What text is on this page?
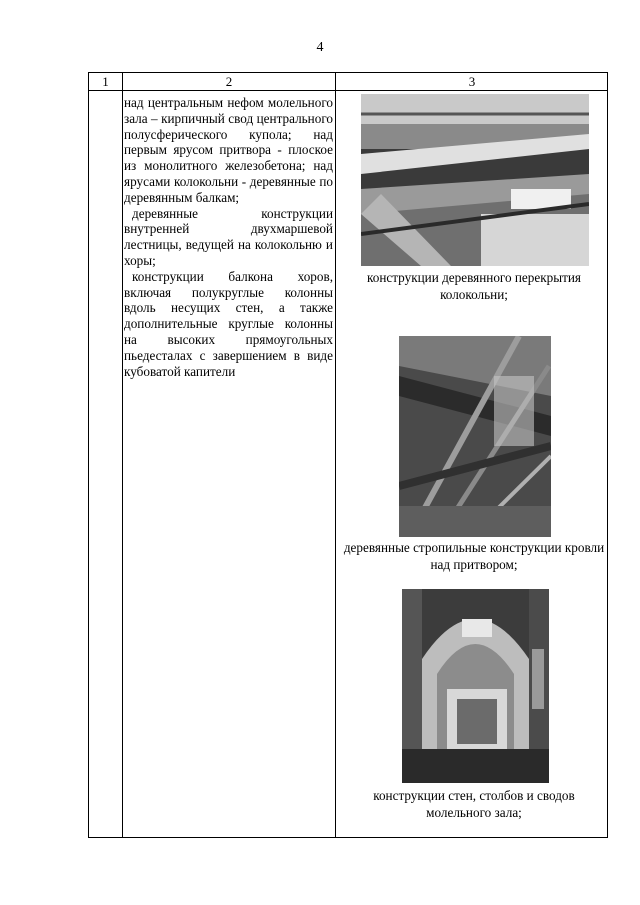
4
1	2	3

над центральным нефом молельного зала – кирпичный свод центрального полусферического купола; над первым ярусом притвора - плоское из монолитного железобетона; над ярусами колокольни - деревянные по деревянным балкам;

деревянные конструкции внутренней двухмаршевой лестницы, ведущей на колокольню и хоры;

конструкции балкона хоров, включая полукруглые колонны вдоль несущих стен, а также дополнительные круглые колонны на высоких прямоугольных пьедесталах с завершением в виде кубоватой капители

конструкции деревянного перекрытия колокольни;
деревянные стропильные конструкции кровли над притвором;
конструкции стен, столбов и сводов молельного зала;
